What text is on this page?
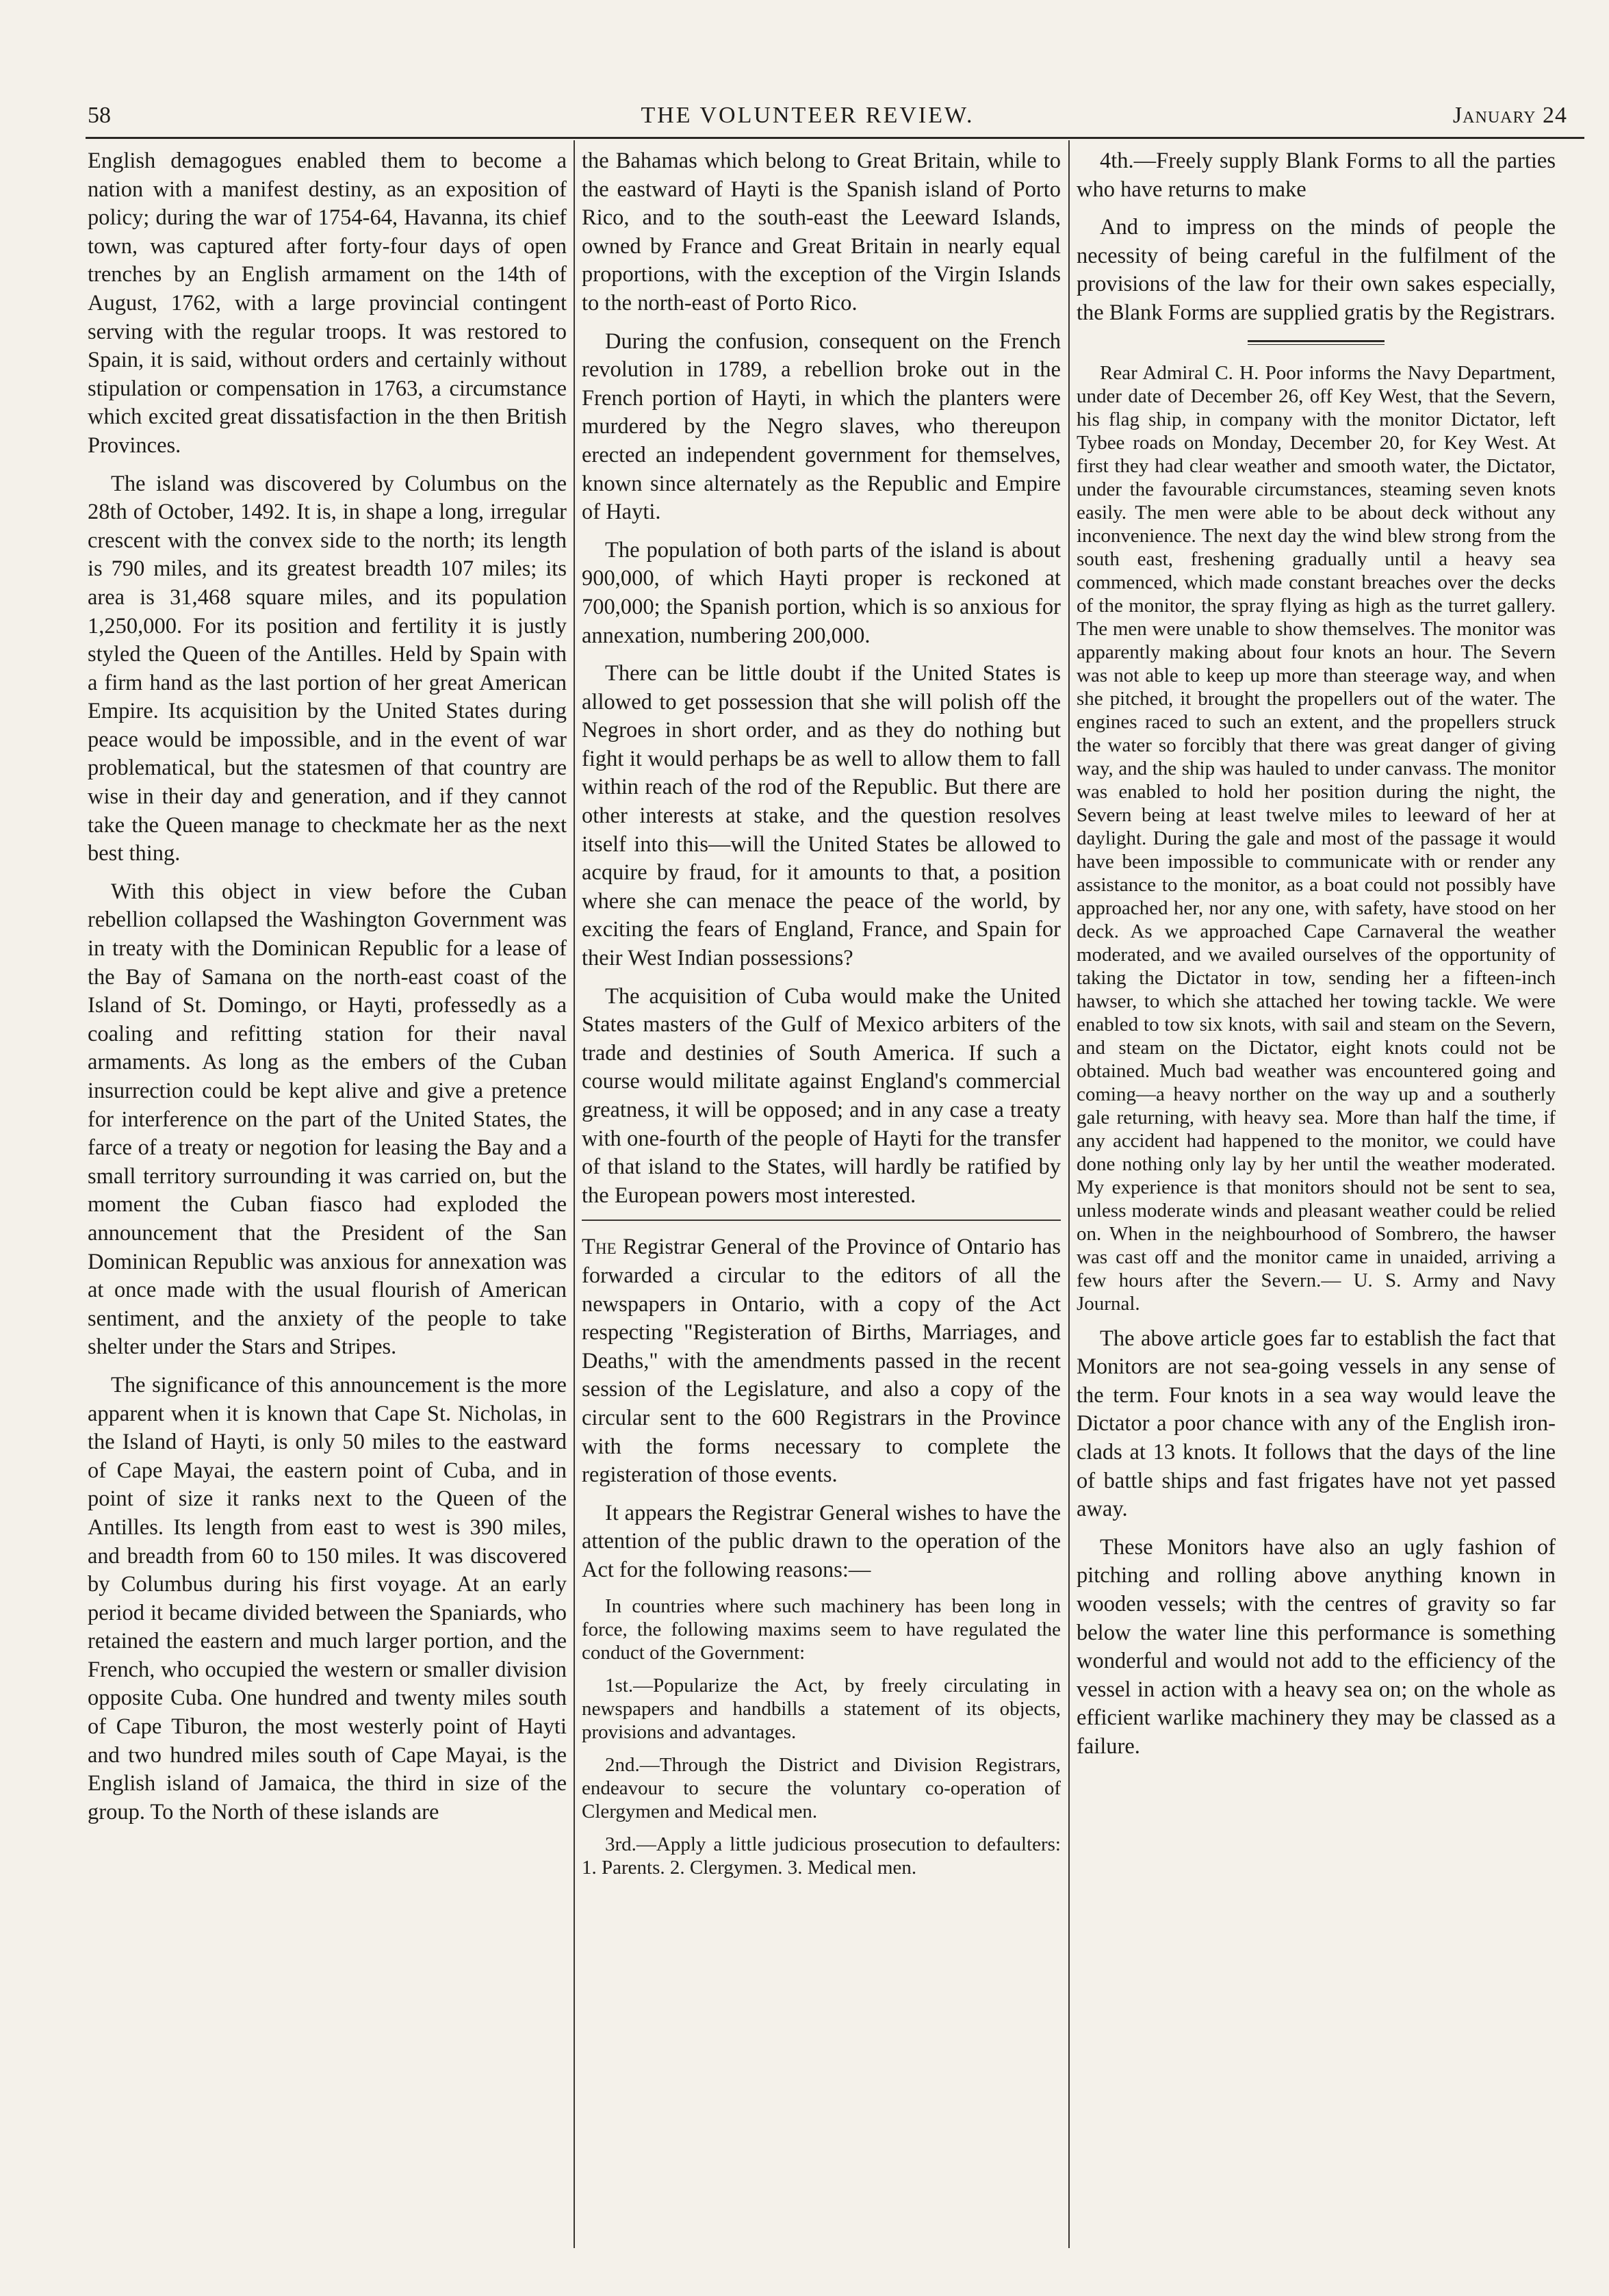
58	THE VOLUNTEER REVIEW.	January 24

English demagogues enabled them to become a nation with a manifest destiny, as an exposition of policy; during the war of 1754-64, Havanna, its chief town, was captured after forty-four days of open trenches by an English armament on the 14th of August, 1762, with a large provincial contingent serving with the regular troops. It was restored to Spain, it is said, without orders and certainly without stipulation or compensation in 1763, a circumstance which excited great dissatisfaction in the then British Provinces.

The island was discovered by Columbus on the 28th of October, 1492. It is, in shape a long, irregular crescent with the convex side to the north; its length is 790 miles, and its greatest breadth 107 miles; its area is 31,468 square miles, and its population 1,250,000. For its position and fertility it is justly styled the Queen of the Antilles. Held by Spain with a firm hand as the last portion of her great American Empire. Its acquisition by the United States during peace would be impossible, and in the event of war problematical, but the statesmen of that country are wise in their day and generation, and if they cannot take the Queen manage to checkmate her as the next best thing.

With this object in view before the Cuban rebellion collapsed the Washington Government was in treaty with the Dominican Republic for a lease of the Bay of Samana on the north-east coast of the Island of St. Domingo, or Hayti, professedly as a coaling and refitting station for their naval armaments. As long as the embers of the Cuban insurrection could be kept alive and give a pretence for interference on the part of the United States, the farce of a treaty or negotion for leasing the Bay and a small territory surrounding it was carried on, but the moment the Cuban fiasco had exploded the announcement that the President of the San Dominican Republic was anxious for annexation was at once made with the usual flourish of American sentiment, and the anxiety of the people to take shelter under the Stars and Stripes.

The significance of this announcement is the more apparent when it is known that Cape St. Nicholas, in the Island of Hayti, is only 50 miles to the eastward of Cape Mayai, the eastern point of Cuba, and in point of size it ranks next to the Queen of the Antilles. Its length from east to west is 390 miles, and breadth from 60 to 150 miles. It was discovered by Columbus during his first voyage. At an early period it became divided between the Spaniards, who retained the eastern and much larger portion, and the French, who occupied the western or smaller division opposite Cuba. One hundred and twenty miles south of Cape Tiburon, the most westerly point of Hayti and two hundred miles south of Cape Mayai, is the English island of Jamaica, the third in size of the group. To the North of these islands are

the Bahamas which belong to Great Britain, while to the eastward of Hayti is the Spanish island of Porto Rico, and to the south-east the Leeward Islands, owned by France and Great Britain in nearly equal proportions, with the exception of the Virgin Islands to the north-east of Porto Rico.

During the confusion, consequent on the French revolution in 1789, a rebellion broke out in the French portion of Hayti, in which the planters were murdered by the Negro slaves, who thereupon erected an independent government for themselves, known since alternately as the Republic and Empire of Hayti.

The population of both parts of the island is about 900,000, of which Hayti proper is reckoned at 700,000; the Spanish portion, which is so anxious for annexation, numbering 200,000.

There can be little doubt if the United States is allowed to get possession that she will polish off the Negroes in short order, and as they do nothing but fight it would perhaps be as well to allow them to fall within reach of the rod of the Republic. But there are other interests at stake, and the question resolves itself into this—will the United States be allowed to acquire by fraud, for it amounts to that, a position where she can menace the peace of the world, by exciting the fears of England, France, and Spain for their West Indian possessions?

The acquisition of Cuba would make the United States masters of the Gulf of Mexico arbiters of the trade and destinies of South America. If such a course would militate against England's commercial greatness, it will be opposed; and in any case a treaty with one-fourth of the people of Hayti for the transfer of that island to the States, will hardly be ratified by the European powers most interested.

The Registrar General of the Province of Ontario has forwarded a circular to the editors of all the newspapers in Ontario, with a copy of the Act respecting "Registeration of Births, Marriages, and Deaths," with the amendments passed in the recent session of the Legislature, and also a copy of the circular sent to the 600 Registrars in the Province with the forms necessary to complete the registeration of those events.

It appears the Registrar General wishes to have the attention of the public drawn to the operation of the Act for the following reasons:—

In countries where such machinery has been long in force, the following maxims seem to have regulated the conduct of the Government:

1st.—Popularize the Act, by freely circulating in newspapers and handbills a statement of its objects, provisions and advantages.

2nd.—Through the District and Division Registrars, endeavour to secure the voluntary co-operation of Clergymen and Medical men.

3rd.—Apply a little judicious prosecution to defaulters: 1. Parents. 2. Clergymen. 3. Medical men.

4th.—Freely supply Blank Forms to all the parties who have returns to make

And to impress on the minds of people the necessity of being careful in the fulfilment of the provisions of the law for their own sakes especially, the Blank Forms are supplied gratis by the Registrars.

Rear Admiral C. H. Poor informs the Navy Department, under date of December 26, off Key West, that the Severn, his flag ship, in company with the monitor Dictator, left Tybee roads on Monday, December 20, for Key West. At first they had clear weather and smooth water, the Dictator, under the favourable circumstances, steaming seven knots easily. The men were able to be about deck without any inconvenience. The next day the wind blew strong from the south east, freshening gradually until a heavy sea commenced, which made constant breaches over the decks of the monitor, the spray flying as high as the turret gallery. The men were unable to show themselves. The monitor was apparently making about four knots an hour. The Severn was not able to keep up more than steerage way, and when she pitched, it brought the propellers out of the water. The engines raced to such an extent, and the propellers struck the water so forcibly that there was great danger of giving way, and the ship was hauled to under canvass. The monitor was enabled to hold her position during the night, the Severn being at least twelve miles to leeward of her at daylight. During the gale and most of the passage it would have been impossible to communicate with or render any assistance to the monitor, as a boat could not possibly have approached her, nor any one, with safety, have stood on her deck. As we approached Cape Carnaveral the weather moderated, and we availed ourselves of the opportunity of taking the Dictator in tow, sending her a fifteen-inch hawser, to which she attached her towing tackle. We were enabled to tow six knots, with sail and steam on the Severn, and steam on the Dictator, eight knots could not be obtained. Much bad weather was encountered going and coming—a heavy norther on the way up and a southerly gale returning, with heavy sea. More than half the time, if any accident had happened to the monitor, we could have done nothing only lay by her until the weather moderated. My experience is that monitors should not be sent to sea, unless moderate winds and pleasant weather could be relied on. When in the neighbourhood of Sombrero, the hawser was cast off and the monitor came in unaided, arriving a few hours after the Severn.— U. S. Army and Navy Journal.

The above article goes far to establish the fact that Monitors are not sea-going vessels in any sense of the term. Four knots in a sea way would leave the Dictator a poor chance with any of the English iron-clads at 13 knots. It follows that the days of the line of battle ships and fast frigates have not yet passed away.

These Monitors have also an ugly fashion of pitching and rolling above anything known in wooden vessels; with the centres of gravity so far below the water line this performance is something wonderful and would not add to the efficiency of the vessel in action with a heavy sea on; on the whole as efficient warlike machinery they may be classed as a failure.
